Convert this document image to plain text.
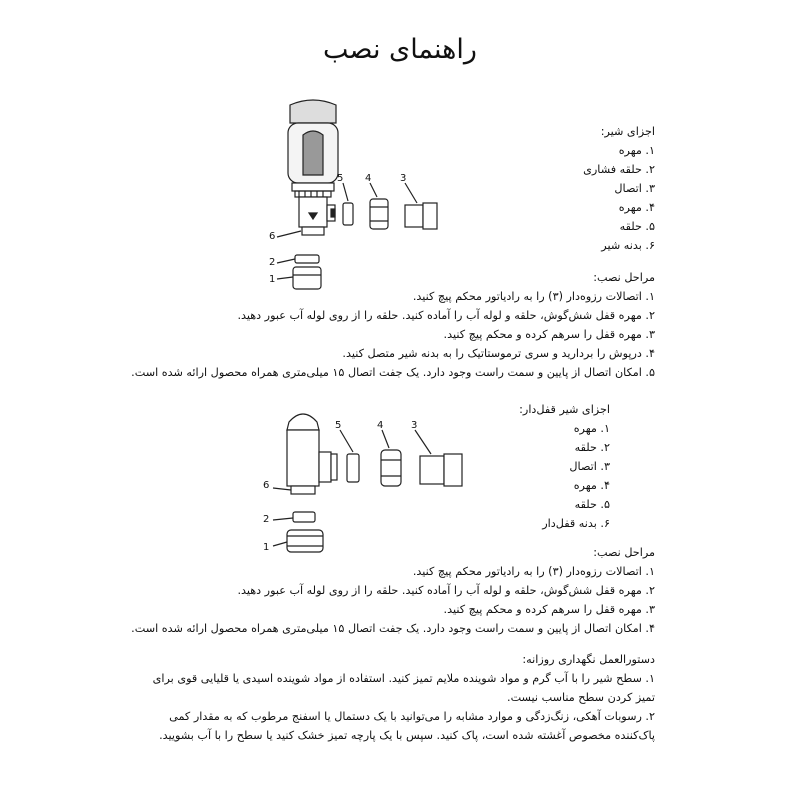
راهنمای نصب
5 4	3
6
2
1
اجزای شیر:
۱. مهره
۲. حلقه فشاری
۳. اتصال
۴. مهره
۵. حلقه
۶. بدنه شیر
مراحل نصب:
۱. اتصالات رزوه‌دار (۳) را به رادیاتور محکم پیچ کنید.
۲. مهره قفل شش‌گوش، حلقه و لوله آب را آماده کنید. حلقه را از روی لوله آب عبور دهید.
۳. مهره قفل را سرهم کرده و محکم پیچ کنید.
۴. درپوش را بردارید و سری ترموستاتیک را به بدنه شیر متصل کنید.
۵. امکان اتصال از پایین و سمت راست وجود دارد. یک جفت اتصال ۱۵ میلی‌متری همراه محصول ارائه شده است.
5	4	3
6
2
1
اجزای شیر قفل‌دار:
۱. مهره
۲. حلقه
۳. اتصال
۴. مهره
۵. حلقه
۶. بدنه قفل‌دار
مراحل نصب:
۱. اتصالات رزوه‌دار (۳) را به رادیاتور محکم پیچ کنید.
۲. مهره قفل شش‌گوش، حلقه و لوله آب را آماده کنید. حلقه را از روی لوله آب عبور دهید.
۳. مهره قفل را سرهم کرده و محکم پیچ کنید.
۴. امکان اتصال از پایین و سمت راست وجود دارد. یک جفت اتصال ۱۵ میلی‌متری همراه محصول ارائه شده است.
دستورالعمل نگهداری روزانه:
۱. سطح شیر را با آب گرم و مواد شوینده ملایم تمیز کنید. استفاده از مواد شوینده اسیدی یا قلیایی قوی برای تمیز کردن سطح مناسب نیست.
۲. رسوبات آهکی، زنگ‌زدگی و موارد مشابه را می‌توانید با یک دستمال یا اسفنج مرطوب که به مقدار کمی پاک‌کننده مخصوص آغشته شده است، پاک کنید. سپس با یک پارچه تمیز خشک کنید یا سطح را با آب بشویید.
